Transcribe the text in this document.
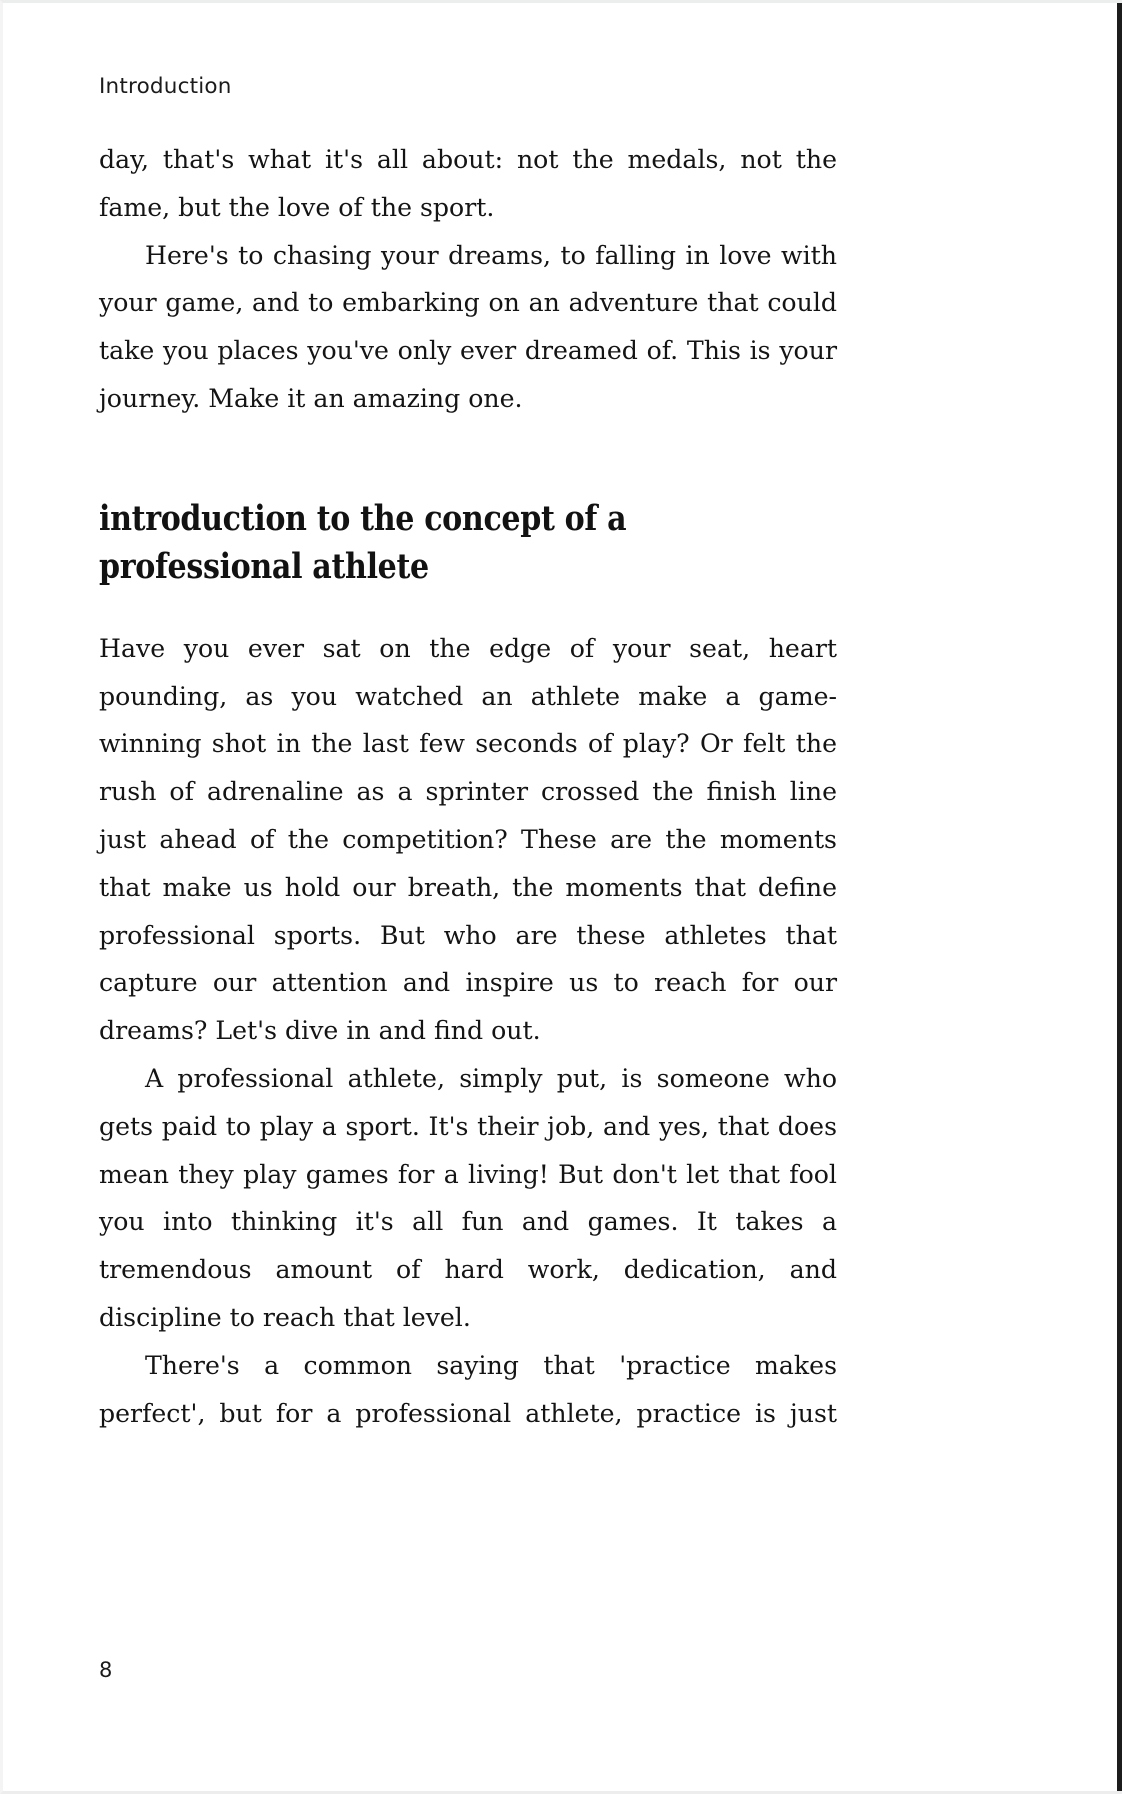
Introduction

day, that's what it's all about: not the medals, not the fame, but the love of the sport.

Here's to chasing your dreams, to falling in love with your game, and to embarking on an adventure that could take you places you've only ever dreamed of. This is your journey. Make it an amazing one.

introduction to the concept of a professional athlete

Have you ever sat on the edge of your seat, heart pounding, as you watched an athlete make a game-winning shot in the last few seconds of play? Or felt the rush of adrenaline as a sprinter crossed the finish line just ahead of the competition? These are the moments that make us hold our breath, the moments that define professional sports. But who are these athletes that capture our attention and inspire us to reach for our dreams? Let's dive in and find out.

A professional athlete, simply put, is someone who gets paid to play a sport. It's their job, and yes, that does mean they play games for a living! But don't let that fool you into thinking it's all fun and games. It takes a tremendous amount of hard work, dedication, and discipline to reach that level.

There's a common saying that 'practice makes perfect', but for a professional athlete, practice is just

8
